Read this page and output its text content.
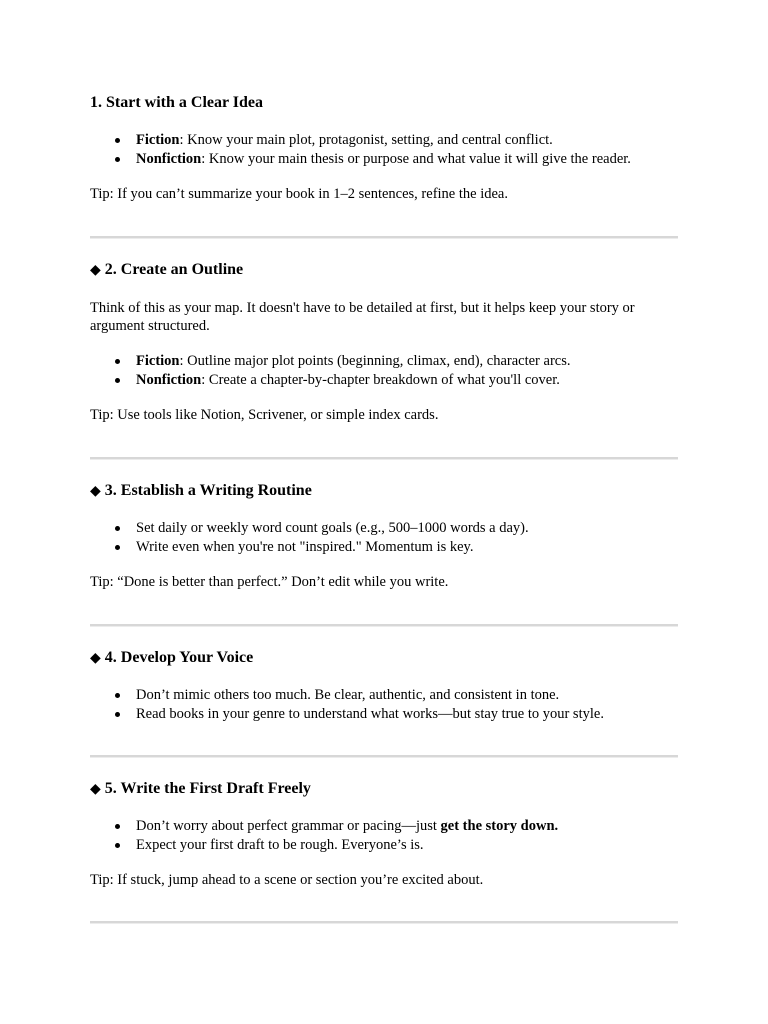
1. Start with a Clear Idea
Fiction: Know your main plot, protagonist, setting, and central conflict.
Nonfiction: Know your main thesis or purpose and what value it will give the reader.

Tip: If you can’t summarize your book in 1–2 sentences, refine the idea.

◆ 2. Create an Outline

Think of this as your map. It doesn't have to be detailed at first, but it helps keep your story or
argument structured.

Fiction: Outline major plot points (beginning, climax, end), character arcs.
Nonfiction: Create a chapter-by-chapter breakdown of what you'll cover.

Tip: Use tools like Notion, Scrivener, or simple index cards.

◆ 3. Establish a Writing Routine
Set daily or weekly word count goals (e.g., 500–1000 words a day).
Write even when you're not "inspired." Momentum is key.

Tip: “Done is better than perfect.” Don’t edit while you write.

◆ 4. Develop Your Voice
Don’t mimic others too much. Be clear, authentic, and consistent in tone.
Read books in your genre to understand what works—but stay true to your style.
◆ 5. Write the First Draft Freely
Don’t worry about perfect grammar or pacing—just get the story down.
Expect your first draft to be rough. Everyone’s is.

Tip: If stuck, jump ahead to a scene or section you’re excited about.
